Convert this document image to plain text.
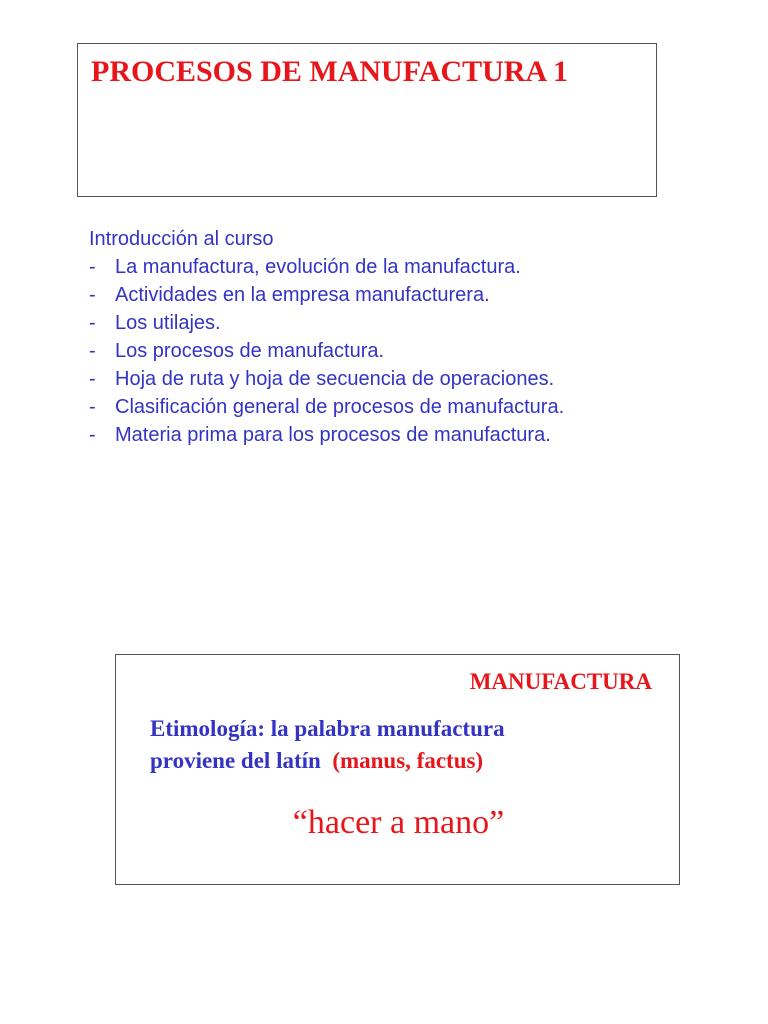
PROCESOS DE MANUFACTURA 1
Introducción al curso
- La manufactura, evolución de la manufactura.
- Actividades en la empresa manufacturera.
- Los utilajes.
- Los procesos de manufactura.
- Hoja de ruta y hoja de secuencia de operaciones.
- Clasificación general de procesos de manufactura.
- Materia prima para los procesos de manufactura.

MANUFACTURA

Etimología: la palabra manufactura
proviene del latín (manus, factus)

“hacer a mano”
